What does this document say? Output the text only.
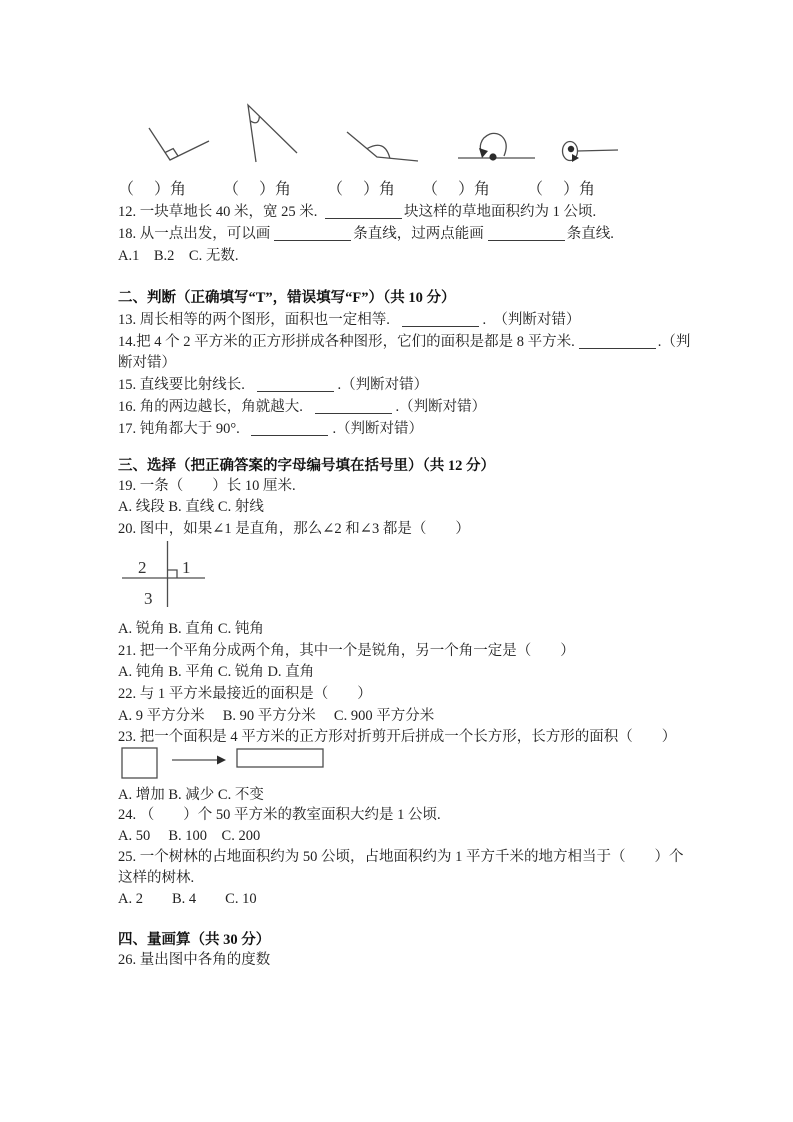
（　 ）角 （　 ）角 （　 ）角 （　 ）角 （　 ）角
12. 一块草地长 40 米，宽 25 米.	块这样的草地面积约为 1 公顷.
18. 从一点出发，可以画	条直线，过两点能画	条直线.
A.1　B.2　C. 无数.
二、判断（正确填写“T”，错误填写“F”）（共 10 分）
13. 周长相等的两个图形，面积也一定相等.	.　（判断对错）
14.把 4 个 2 平方米的正方形拼成各种图形，它们的面积是都是 8 平方米.	.（判
断对错）
15. 直线要比射线长.	.（判断对错）
16. 角的两边越长，角就越大.	.（判断对错）
17. 钝角都大于 90°.	.（判断对错）
三、选择（把正确答案的字母编号填在括号里）（共 12 分）
19. 一条（　　）长 10 厘米.
A. 线段 B. 直线 C. 射线
20. 图中，如果∠1 是直角，那么∠2 和∠3 都是（　　）
2 1
3
A. 锐角 B. 直角 C. 钝角
21. 把一个平角分成两个角，其中一个是锐角，另一个角一定是（　　）
A. 钝角 B. 平角 C. 锐角 D. 直角
22. 与 1 平方米最接近的面积是（　　）
A. 9 平方分米　 B. 90 平方分米　 C. 900 平方分米
23. 把一个面积是 4 平方米的正方形对折剪开后拼成一个长方形，长方形的面积（　　）
A. 增加 B. 减少 C. 不变
24. （　　）个 50 平方米的教室面积大约是 1 公顷.
A. 50　 B. 100　C. 200
25. 一个树林的占地面积约为 50 公顷，占地面积约为 1 平方千米的地方相当于（　　）个
这样的树林.
A. 2　　B. 4　　C. 10
四、量画算（共 30 分）
26. 量出图中各角的度数
